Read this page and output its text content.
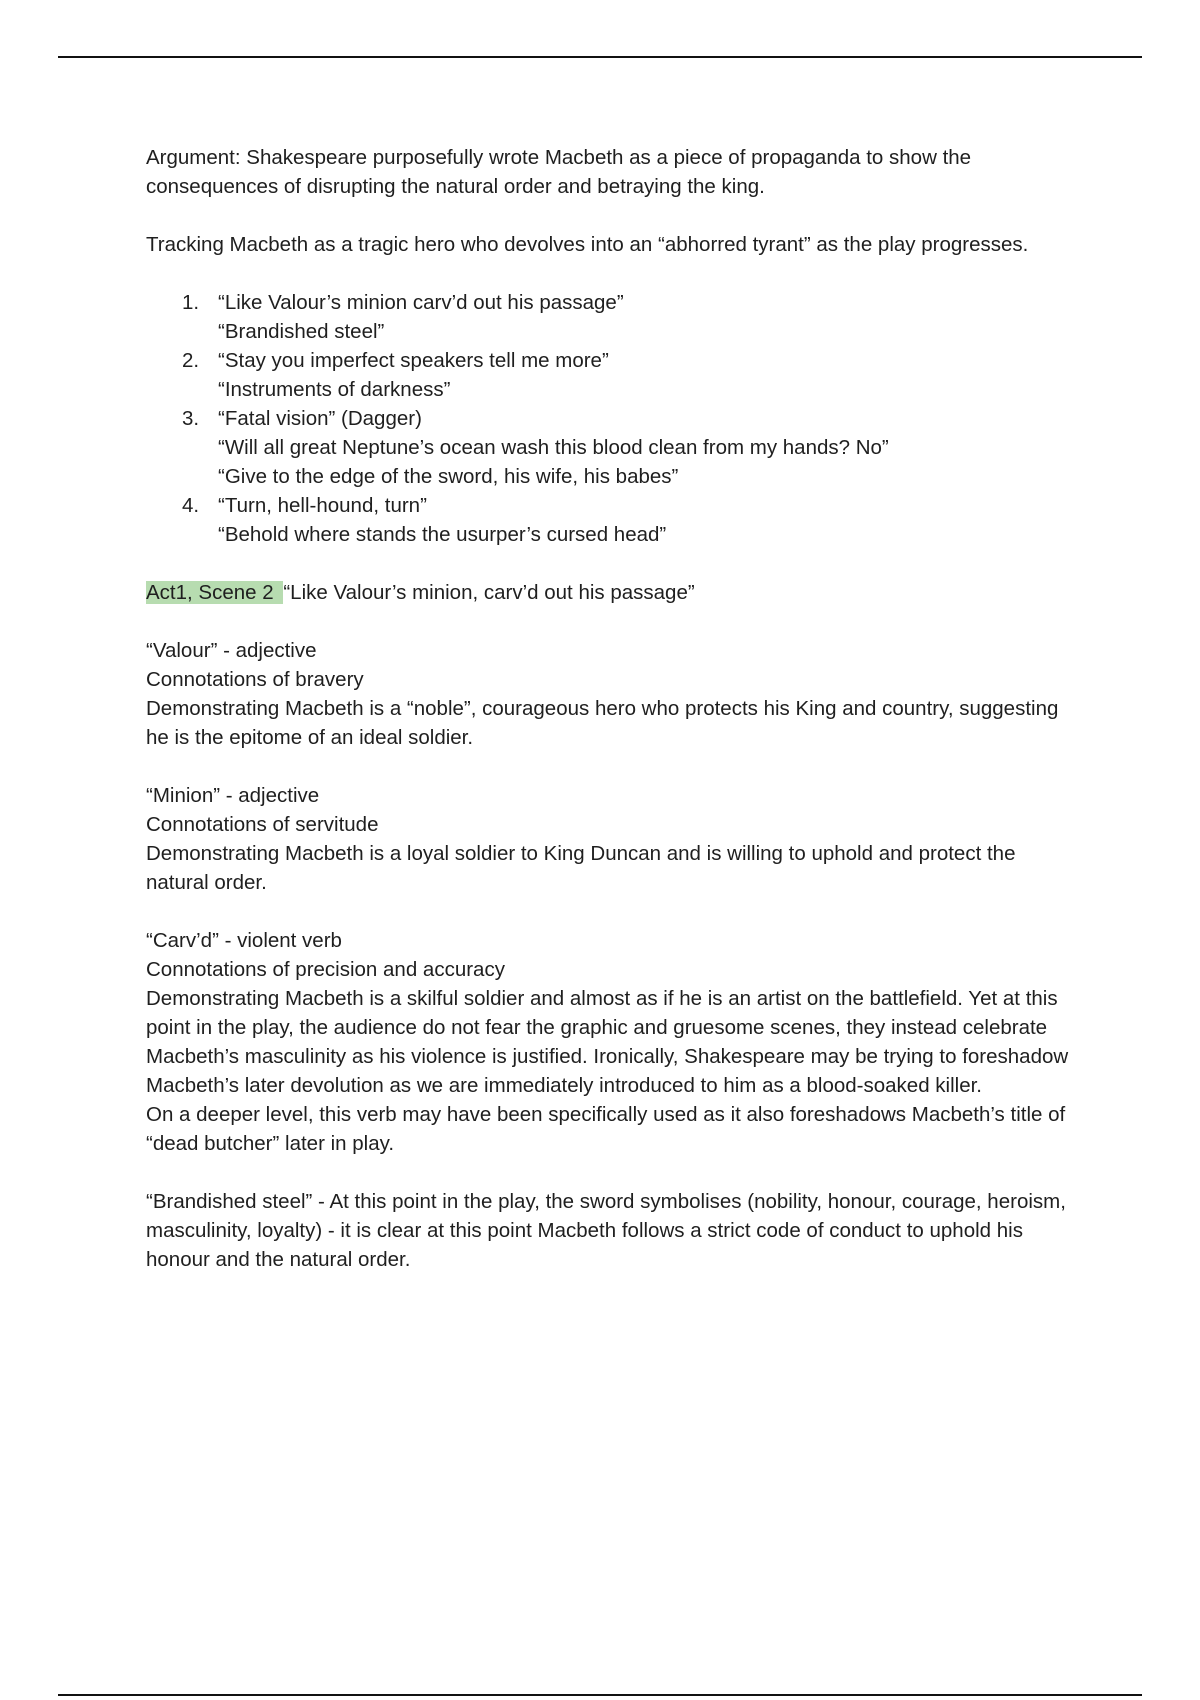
Argument: Shakespeare purposefully wrote Macbeth as a piece of propaganda to show the consequences of disrupting the natural order and betraying the king.

Tracking Macbeth as a tragic hero who devolves into an “abhorred tyrant” as the play progresses.

1. “Like Valour’s minion carv’d out his passage”
“Brandished steel”
2. “Stay you imperfect speakers tell me more”
“Instruments of darkness”
3. “Fatal vision” (Dagger)
“Will all great Neptune’s ocean wash this blood clean from my hands? No”
“Give to the edge of the sword, his wife, his babes”
4. “Turn, hell-hound, turn”
“Behold where stands the usurper’s cursed head”

Act1, Scene 2 “Like Valour’s minion, carv’d out his passage”

“Valour” - adjective

Connotations of bravery

Demonstrating Macbeth is a “noble”, courageous hero who protects his King and country, suggesting he is the epitome of an ideal soldier.

“Minion” - adjective

Connotations of servitude

Demonstrating Macbeth is a loyal soldier to King Duncan and is willing to uphold and protect the natural order.

“Carv’d” - violent verb

Connotations of precision and accuracy

Demonstrating Macbeth is a skilful soldier and almost as if he is an artist on the battlefield. Yet at this point in the play, the audience do not fear the graphic and gruesome scenes, they instead celebrate Macbeth’s masculinity as his violence is justified. Ironically, Shakespeare may be trying to foreshadow Macbeth’s later devolution as we are immediately introduced to him as a blood-soaked killer.

On a deeper level, this verb may have been specifically used as it also foreshadows Macbeth’s title of “dead butcher” later in play.

“Brandished steel” - At this point in the play, the sword symbolises (nobility, honour, courage, heroism, masculinity, loyalty) - it is clear at this point Macbeth follows a strict code of conduct to uphold his honour and the natural order.
